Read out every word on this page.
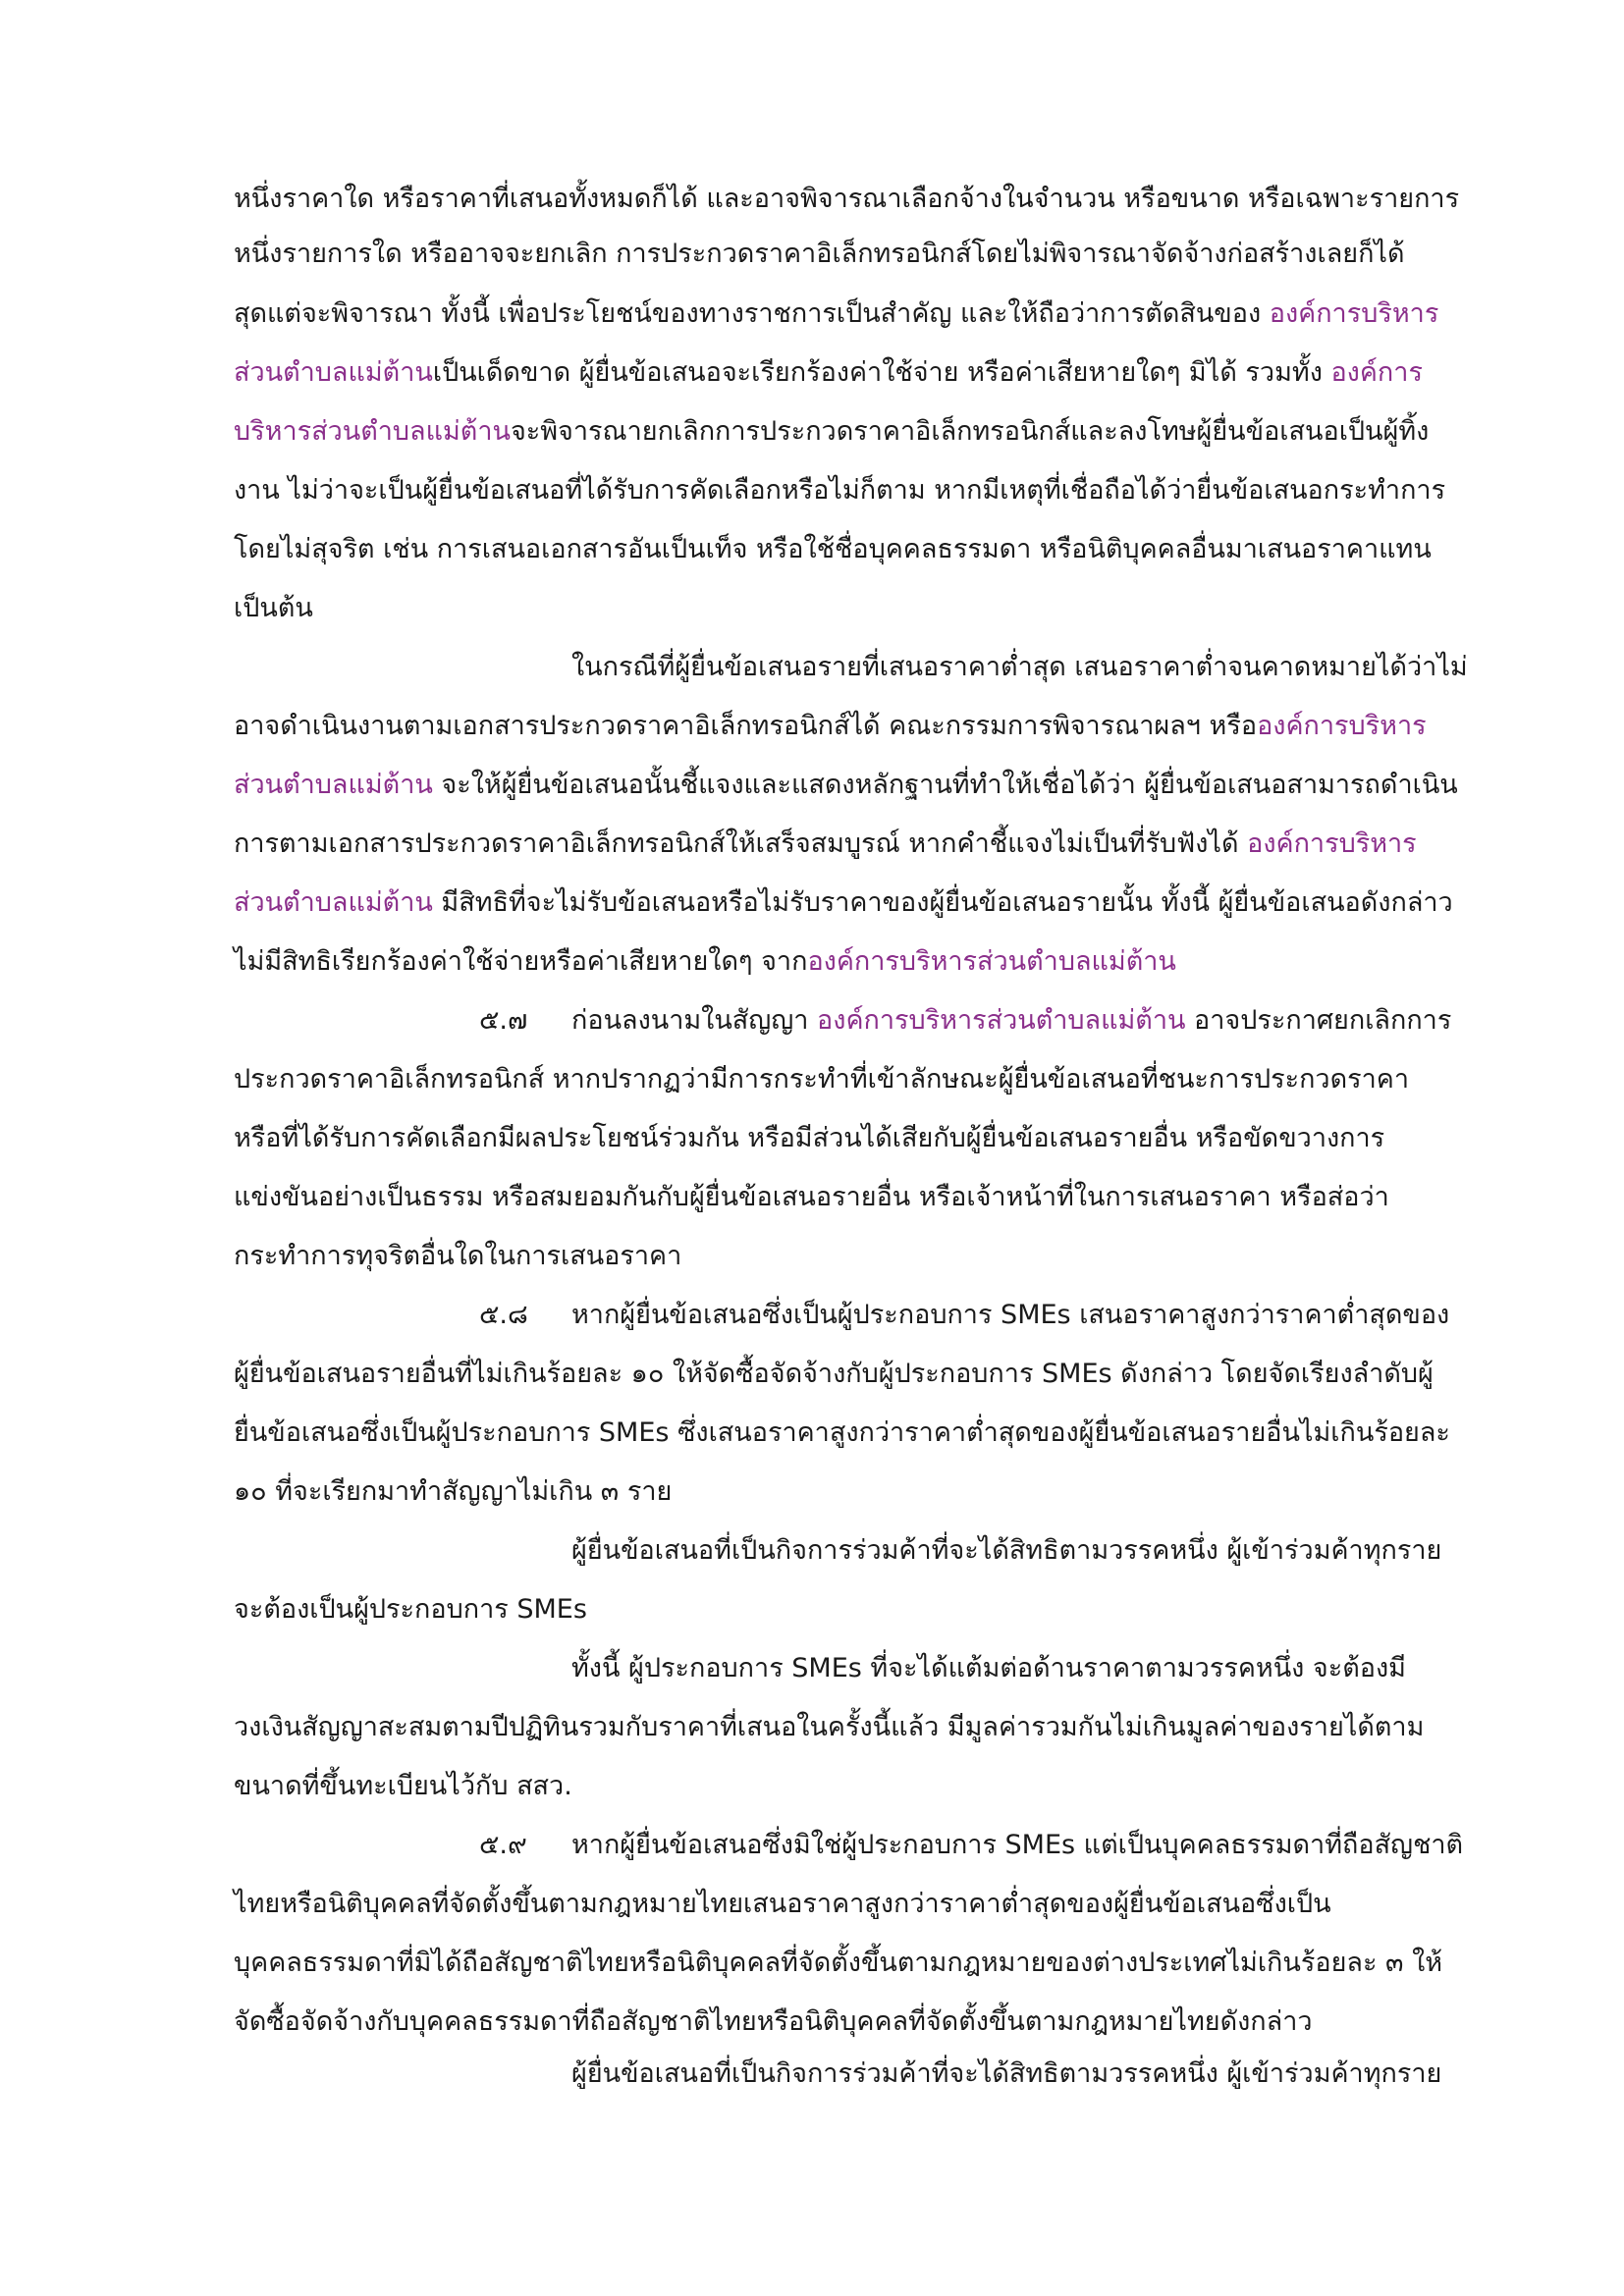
หนึ่งราคาใด หรือราคาที่เสนอทั้งหมดก็ได้ และอาจพิจารณาเลือกจ้างในจำนวน หรือขนาด หรือเฉพาะรายการ
หนึ่งรายการใด หรืออาจจะยกเลิก การประกวดราคาอิเล็กทรอนิกส์โดยไม่พิจารณาจัดจ้างก่อสร้างเลยก็ได้
สุดแต่จะพิจารณา ทั้งนี้ เพื่อประโยชน์ของทางราชการเป็นสำคัญ และให้ถือว่าการตัดสินของ องค์การบริหาร
ส่วนตำบลแม่ต้านเป็นเด็ดขาด ผู้ยื่นข้อเสนอจะเรียกร้องค่าใช้จ่าย หรือค่าเสียหายใดๆ มิได้ รวมทั้ง องค์การ
บริหารส่วนตำบลแม่ต้านจะพิจารณายกเลิกการประกวดราคาอิเล็กทรอนิกส์และลงโทษผู้ยื่นข้อเสนอเป็นผู้ทิ้ง
งาน ไม่ว่าจะเป็นผู้ยื่นข้อเสนอที่ได้รับการคัดเลือกหรือไม่ก็ตาม หากมีเหตุที่เชื่อถือได้ว่ายื่นข้อเสนอกระทำการ
โดยไม่สุจริต เช่น การเสนอเอกสารอันเป็นเท็จ หรือใช้ชื่อบุคคลธรรมดา หรือนิติบุคคลอื่นมาเสนอราคาแทน
เป็นต้น
ในกรณีที่ผู้ยื่นข้อเสนอรายที่เสนอราคาต่ำสุด เสนอราคาต่ำจนคาดหมายได้ว่าไม่
อาจดำเนินงานตามเอกสารประกวดราคาอิเล็กทรอนิกส์ได้ คณะกรรมการพิจารณาผลฯ หรือองค์การบริหาร
ส่วนตำบลแม่ต้าน จะให้ผู้ยื่นข้อเสนอนั้นชี้แจงและแสดงหลักฐานที่ทำให้เชื่อได้ว่า ผู้ยื่นข้อเสนอสามารถดำเนิน
การตามเอกสารประกวดราคาอิเล็กทรอนิกส์ให้เสร็จสมบูรณ์ หากคำชี้แจงไม่เป็นที่รับฟังได้ องค์การบริหาร
ส่วนตำบลแม่ต้าน มีสิทธิที่จะไม่รับข้อเสนอหรือไม่รับราคาของผู้ยื่นข้อเสนอรายนั้น ทั้งนี้ ผู้ยื่นข้อเสนอดังกล่าว
ไม่มีสิทธิเรียกร้องค่าใช้จ่ายหรือค่าเสียหายใดๆ จากองค์การบริหารส่วนตำบลแม่ต้าน
๕.๗ ก่อนลงนามในสัญญา องค์การบริหารส่วนตำบลแม่ต้าน อาจประกาศยกเลิกการ
ประกวดราคาอิเล็กทรอนิกส์ หากปรากฏว่ามีการกระทำที่เข้าลักษณะผู้ยื่นข้อเสนอที่ชนะการประกวดราคา
หรือที่ได้รับการคัดเลือกมีผลประโยชน์ร่วมกัน หรือมีส่วนได้เสียกับผู้ยื่นข้อเสนอรายอื่น หรือขัดขวางการ
แข่งขันอย่างเป็นธรรม หรือสมยอมกันกับผู้ยื่นข้อเสนอรายอื่น หรือเจ้าหน้าที่ในการเสนอราคา หรือส่อว่า
กระทำการทุจริตอื่นใดในการเสนอราคา
๕.๘ หากผู้ยื่นข้อเสนอซึ่งเป็นผู้ประกอบการ SMEs เสนอราคาสูงกว่าราคาต่ำสุดของ
ผู้ยื่นข้อเสนอรายอื่นที่ไม่เกินร้อยละ ๑๐ ให้จัดซื้อจัดจ้างกับผู้ประกอบการ SMEs ดังกล่าว โดยจัดเรียงลำดับผู้
ยื่นข้อเสนอซึ่งเป็นผู้ประกอบการ SMEs ซึ่งเสนอราคาสูงกว่าราคาต่ำสุดของผู้ยื่นข้อเสนอรายอื่นไม่เกินร้อยละ
๑๐ ที่จะเรียกมาทำสัญญาไม่เกิน ๓ ราย
ผู้ยื่นข้อเสนอที่เป็นกิจการร่วมค้าที่จะได้สิทธิตามวรรคหนึ่ง ผู้เข้าร่วมค้าทุกราย
จะต้องเป็นผู้ประกอบการ SMEs
ทั้งนี้ ผู้ประกอบการ SMEs ที่จะได้แต้มต่อด้านราคาตามวรรคหนึ่ง จะต้องมี
วงเงินสัญญาสะสมตามปีปฏิทินรวมกับราคาที่เสนอในครั้งนี้แล้ว มีมูลค่ารวมกันไม่เกินมูลค่าของรายได้ตาม
ขนาดที่ขึ้นทะเบียนไว้กับ สสว.
๕.๙ หากผู้ยื่นข้อเสนอซึ่งมิใช่ผู้ประกอบการ SMEs แต่เป็นบุคคลธรรมดาที่ถือสัญชาติ
ไทยหรือนิติบุคคลที่จัดตั้งขึ้นตามกฎหมายไทยเสนอราคาสูงกว่าราคาต่ำสุดของผู้ยื่นข้อเสนอซึ่งเป็น
บุคคลธรรมดาที่มิได้ถือสัญชาติไทยหรือนิติบุคคลที่จัดตั้งขึ้นตามกฎหมายของต่างประเทศไม่เกินร้อยละ ๓ ให้
จัดซื้อจัดจ้างกับบุคคลธรรมดาที่ถือสัญชาติไทยหรือนิติบุคคลที่จัดตั้งขึ้นตามกฎหมายไทยดังกล่าว
ผู้ยื่นข้อเสนอที่เป็นกิจการร่วมค้าที่จะได้สิทธิตามวรรคหนึ่ง ผู้เข้าร่วมค้าทุกราย
